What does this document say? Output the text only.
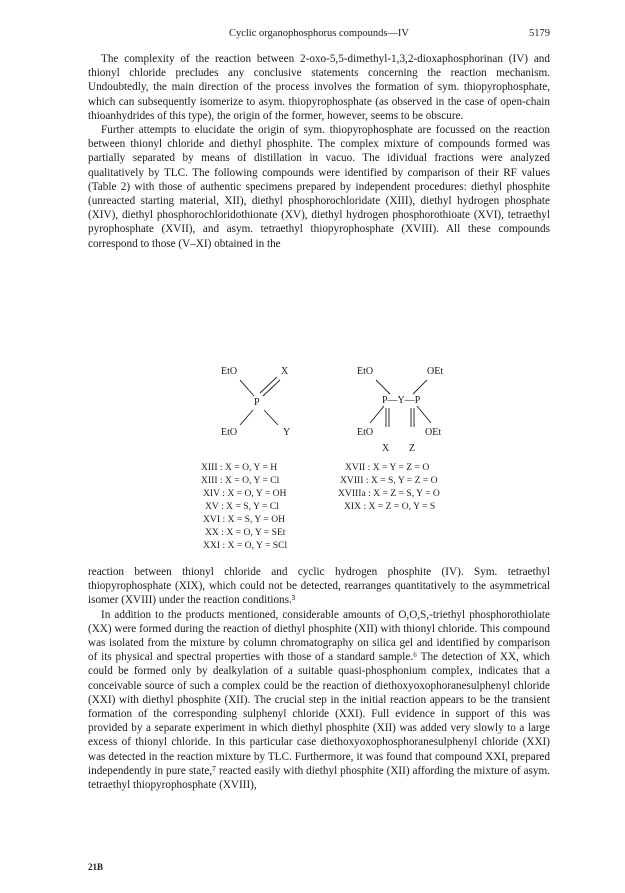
Cyclic organophosphorus compounds—IV	5179

The complexity of the reaction between 2-oxo-5,5-dimethyl-1,3,2-dioxaphosphorinan (IV) and thionyl chloride precludes any conclusive statements concerning the reaction mechanism. Undoubtedly, the main direction of the process involves the formation of sym. thiopyrophosphate, which can subsequently isomerize to asym. thiopyrophosphate (as observed in the case of open-chain thioanhydrides of this type), the origin of the former, however, seems to be obscure.

Further attempts to elucidate the origin of sym. thiopyrophosphate are focussed on the reaction between thionyl chloride and diethyl phosphite. The complex mixture of compounds formed was partially separated by means of distillation in vacuo. The idividual fractions were analyzed qualitatively by TLC. The following compounds were identified by comparison of their RF values (Table 2) with those of authentic specimens prepared by independent procedures: diethyl phosphite (unreacted starting material, XII), diethyl phosphorochloridate (XIII), diethyl hydrogen phosphate (XIV), diethyl phosphorochloridothionate (XV), diethyl hydrogen phosphorothioate (XVI), tetraethyl pyrophosphate (XVII), and asym. tetraethyl thiopyrophosphate (XVIII). All these compounds correspond to those (V–XI) obtained in the

EtO	X
P
EtO	Y
EtO	OEt
P—Y—P
EtO	OEt
X Z
XIII : X = O, Y = H
XIII : X = O, Y = Cl
XIV : X = O, Y = OH
XV : X = S, Y = Cl
XVI : X = S, Y = OH
XX : X = O, Y = SEt
XXI : X = O, Y = SCl
XVII : X = Y = Z = O
XVIII : X = S, Y = Z = O
XVIIIa : X = Z = S, Y = O
XIX : X = Z = O, Y = S

reaction between thionyl chloride and cyclic hydrogen phosphite (IV). Sym. tetraethyl thiopyrophosphate (XIX), which could not be detected, rearranges quantitatively to the asymmetrical isomer (XVIII) under the reaction conditions.³

In addition to the products mentioned, considerable amounts of O,O,S,-triethyl phosphorothiolate (XX) were formed during the reaction of diethyl phosphite (XII) with thionyl chloride. This compound was isolated from the mixture by column chromatography on silica gel and identified by comparison of its physical and spectral properties with those of a standard sample.⁶ The detection of XX, which could be formed only by dealkylation of a suitable quasi-phosphonium complex, indicates that a conceivable source of such a complex could be the reaction of diethoxyoxophoranesulphenyl chloride (XXI) with diethyl phosphite (XII). The crucial step in the initial reaction appears to be the transient formation of the corresponding sulphenyl chloride (XXI). Full evidence in support of this was provided by a separate experiment in which diethyl phosphite (XII) was added very slowly to a large excess of thionyl chloride. In this particular case diethoxyoxophosphoranesulphenyl chloride (XXI) was detected in the reaction mixture by TLC. Furthermore, it was found that compound XXI, prepared independently in pure state,⁷ reacted easily with diethyl phosphite (XII) affording the mixture of asym. tetraethyl thiopyrophosphate (XVIII),

21B
